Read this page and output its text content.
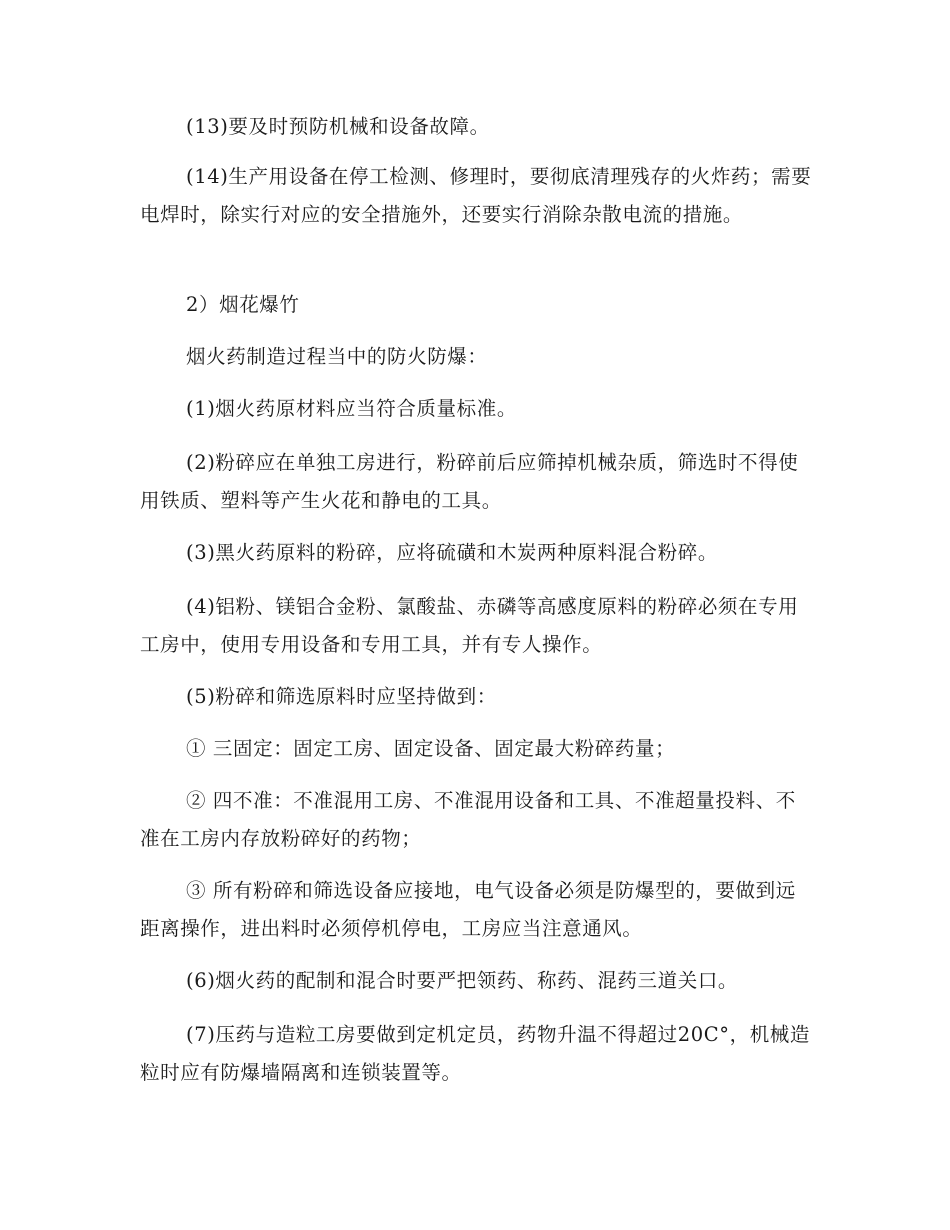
(13)要及时预防机械和设备故障。

(14)生产用设备在停工检测、修理时，要彻底清理残存的火炸药；需要电焊时，除实行对应的安全措施外，还要实行消除杂散电流的措施。

2）烟花爆竹

烟火药制造过程当中的防火防爆：

(1)烟火药原材料应当符合质量标准。

(2)粉碎应在单独工房进行，粉碎前后应筛掉机械杂质，筛选时不得使用铁质、塑料等产生火花和静电的工具。

(3)黑火药原料的粉碎，应将硫磺和木炭两种原料混合粉碎。

(4)铝粉、镁铝合金粉、氯酸盐、赤磷等高感度原料的粉碎必须在专用工房中，使用专用设备和专用工具，并有专人操作。

(5)粉碎和筛选原料时应坚持做到：

① 三固定：固定工房、固定设备、固定最大粉碎药量；

② 四不准：不准混用工房、不准混用设备和工具、不准超量投料、不准在工房内存放粉碎好的药物；

③ 所有粉碎和筛选设备应接地，电气设备必须是防爆型的，要做到远距离操作，进出料时必须停机停电，工房应当注意通风。

(6)烟火药的配制和混合时要严把领药、称药、混药三道关口。

(7)压药与造粒工房要做到定机定员，药物升温不得超过20C°，机械造粒时应有防爆墙隔离和连锁装置等。
